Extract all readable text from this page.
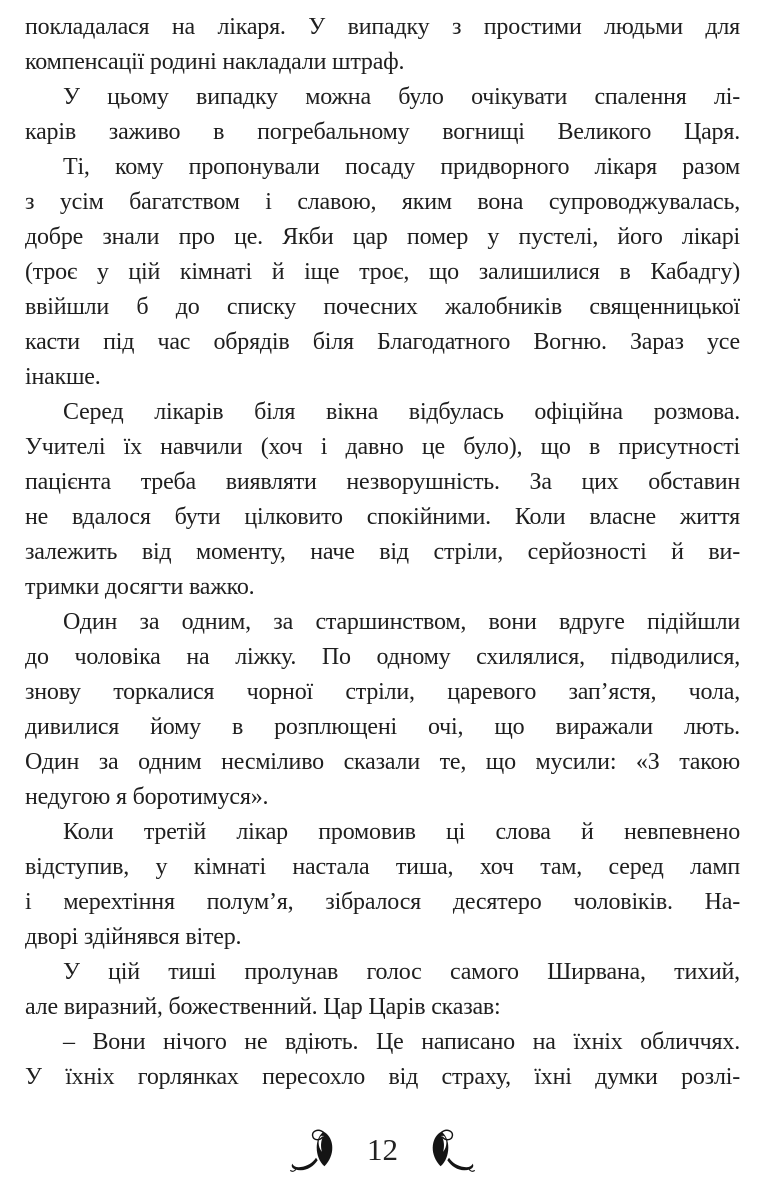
покладалася на лікаря. У випадку з простими людьми для
компенсації родині накладали штраф.
У цьому випадку можна було очікувати спалення лі-
карів заживо в погребальному вогнищі Великого Царя.
Ті, кому пропонували посаду придворного лікаря разом
з усім багатством і славою, яким вона супроводжувалась,
добре знали про це. Якби цар помер у пустелі, його лікарі
(троє у цій кімнаті й іще троє, що залишилися в Кабадгу)
ввійшли б до списку почесних жалобників священницької
касти під час обрядів біля Благодатного Вогню. Зараз усе
інакше.
Серед лікарів біля вікна відбулась офіційна розмова.
Учителі їх навчили (хоч і давно це було), що в присутності
пацієнта треба виявляти незворушність. За цих обставин
не вдалося бути цілковито спокійними. Коли власне життя
залежить від моменту, наче від стріли, серйозності й ви-
тримки досягти важко.
Один за одним, за старшинством, вони вдруге підійшли
до чоловіка на ліжку. По одному схилялися, підводилися,
знову торкалися чорної стріли, царевого зап’ястя, чола,
дивилися йому в розплющені очі, що виражали лють.
Один за одним несміливо сказали те, що мусили: «З такою
недугою я боротимуся».
Коли третій лікар промовив ці слова й невпевнено
відступив, у кімнаті настала тиша, хоч там, серед ламп
і мерехтіння полум’я, зібралося десятеро чоловіків. На-
дворі здійнявся вітер.
У цій тиші пролунав голос самого Ширвана, тихий,
але виразний, божественний. Цар Царів сказав:
– Вони нічого не вдіють. Це написано на їхніх обличчях.
У їхніх горлянках пересохло від страху, їхні думки розлі-
12
